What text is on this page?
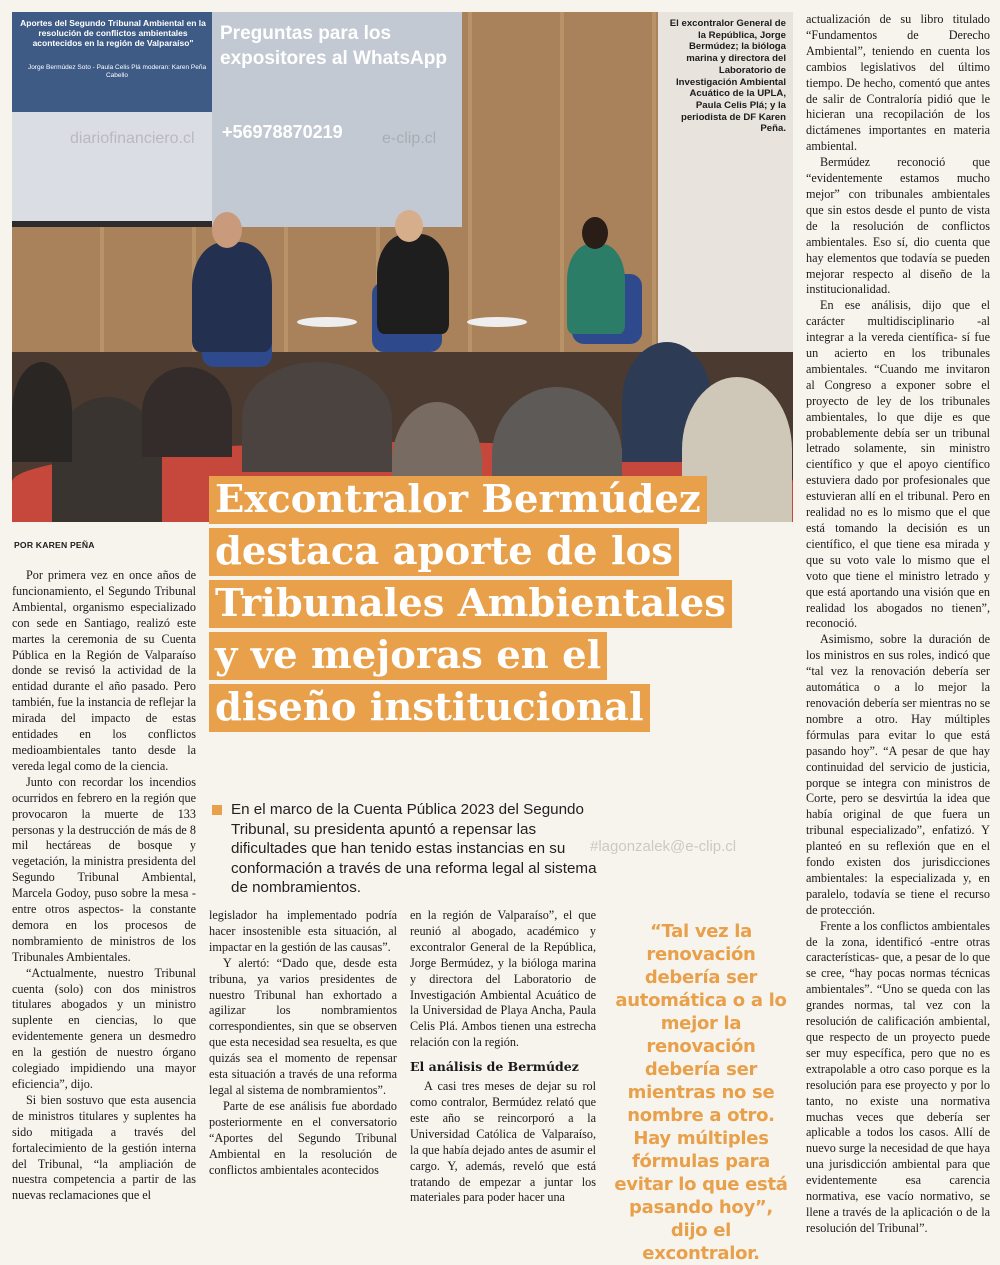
Aportes del Segundo Tribunal Ambiental en la resolución de conflictos ambientales acontecidos en la región de Valparaíso"
Jorge Bermúdez Soto - Paula Celis Plá moderan: Karen Peña Cabello
Preguntas para los expositores al WhatsApp
+56978870219
diariofinanciero.cl	e-clip.cl
El excontralor General de la República, Jorge Bermúdez; la bióloga marina y directora del Laboratorio de Investigación Ambiental Acuático de la UPLA, Paula Celis Plá; y la periodista de DF Karen Peña.
Excontralor Bermúdez
destaca aporte de los
Tribunales Ambientales
y ve mejoras en el
diseño institucional
POR KAREN PEÑA

Por primera vez en once años de funcionamiento, el Segundo Tribunal Ambiental, organismo especializado con sede en Santiago, realizó este martes la ceremonia de su Cuenta Pública en la Región de Valparaíso donde se revisó la actividad de la entidad durante el año pasado. Pero también, fue la instancia de reflejar la mirada del impacto de estas entidades en los conflictos medioambientales tanto desde la vereda legal como de la ciencia.

Junto con recordar los incendios ocurridos en febrero en la región que provocaron la muerte de 133 personas y la destrucción de más de 8 mil hectáreas de bosque y vegetación, la ministra presidenta del Segundo Tribunal Ambiental, Marcela Godoy, puso sobre la mesa -entre otros aspectos- la constante demora en los procesos de nombramiento de ministros de los Tribunales Ambientales.

“Actualmente, nuestro Tribunal cuenta (solo) con dos ministros titulares abogados y un ministro suplente en ciencias, lo que evidentemente genera un desmedro en la gestión de nuestro órgano colegiado impidiendo una mayor eficiencia”, dijo.

Si bien sostuvo que esta ausencia de ministros titulares y suplentes ha sido mitigada a través del fortalecimiento de la gestión interna del Tribunal, “la ampliación de nuestra competencia a partir de las nuevas reclamaciones que el

En el marco de la Cuenta Pública 2023 del Segundo Tribunal, su presidenta apuntó a repensar las dificultades que han tenido estas instancias en su conformación a través de una reforma legal al sistema de nombramientos.
#lagonzalek@e-clip.cl

legislador ha implementado podría hacer insostenible esta situación, al impactar en la gestión de las causas”.

Y alertó: “Dado que, desde esta tribuna, ya varios presidentes de nuestro Tribunal han exhortado a agilizar los nombramientos correspondientes, sin que se observen que esta necesidad sea resuelta, es que quizás sea el momento de repensar esta situación a través de una reforma legal al sistema de nombramientos”.

Parte de ese análisis fue abordado posteriormente en el conversatorio “Aportes del Segundo Tribunal Ambiental en la resolución de conflictos ambientales acontecidos

en la región de Valparaíso”, el que reunió al abogado, académico y excontralor General de la República, Jorge Bermúdez, y la bióloga marina y directora del Laboratorio de Investigación Ambiental Acuático de la Universidad de Playa Ancha, Paula Celis Plá. Ambos tienen una estrecha relación con la región.

El análisis de Bermúdez

A casi tres meses de dejar su rol como contralor, Bermúdez relató que este año se reincorporó a la Universidad Católica de Valparaíso, la que había dejado antes de asumir el cargo. Y, además, reveló que está tratando de empezar a juntar los materiales para poder hacer una

“Tal vez la renovación debería ser automática o a lo mejor la renovación debería ser mientras no se nombre a otro. Hay múltiples fórmulas para evitar lo que está pasando hoy”, dijo el excontralor.

actualización de su libro titulado “Fundamentos de Derecho Ambiental”, teniendo en cuenta los cambios legislativos del último tiempo. De hecho, comentó que antes de salir de Contraloría pidió que le hicieran una recopilación de los dictámenes importantes en materia ambiental.

Bermúdez reconoció que “evidentemente estamos mucho mejor” con tribunales ambientales que sin estos desde el punto de vista de la resolución de conflictos ambientales. Eso sí, dio cuenta que hay elementos que todavía se pueden mejorar respecto al diseño de la institucionalidad.

En ese análisis, dijo que el carácter multidisciplinario -al integrar a la vereda científica- sí fue un acierto en los tribunales ambientales. “Cuando me invitaron al Congreso a exponer sobre el proyecto de ley de los tribunales ambientales, lo que dije es que probablemente debía ser un tribunal letrado solamente, sin ministro científico y que el apoyo científico estuviera dado por profesionales que estuvieran allí en el tribunal. Pero en realidad no es lo mismo que el que está tomando la decisión es un científico, el que tiene esa mirada y que su voto vale lo mismo que el voto que tiene el ministro letrado y que está aportando una visión que en realidad los abogados no tienen”, reconoció.

Asimismo, sobre la duración de los ministros en sus roles, indicó que “tal vez la renovación debería ser automática o a lo mejor la renovación debería ser mientras no se nombre a otro. Hay múltiples fórmulas para evitar lo que está pasando hoy”. “A pesar de que hay continuidad del servicio de justicia, porque se integra con ministros de Corte, pero se desvirtúa la idea que había original de que fuera un tribunal especializado”, enfatizó. Y planteó en su reflexión que en el fondo existen dos jurisdicciones ambientales: la especializada y, en paralelo, todavía se tiene el recurso de protección.

Frente a los conflictos ambientales de la zona, identificó -entre otras características- que, a pesar de lo que se cree, “hay pocas normas técnicas ambientales”. “Uno se queda con las grandes normas, tal vez con la resolución de calificación ambiental, que respecto de un proyecto puede ser muy específica, pero que no es extrapolable a otro caso porque es la resolución para ese proyecto y por lo tanto, no existe una normativa muchas veces que debería ser aplicable a todos los casos. Allí de nuevo surge la necesidad de que haya una jurisdicción ambiental para que evidentemente esa carencia normativa, ese vacío normativo, se llene a través de la aplicación o de la resolución del Tribunal”.
